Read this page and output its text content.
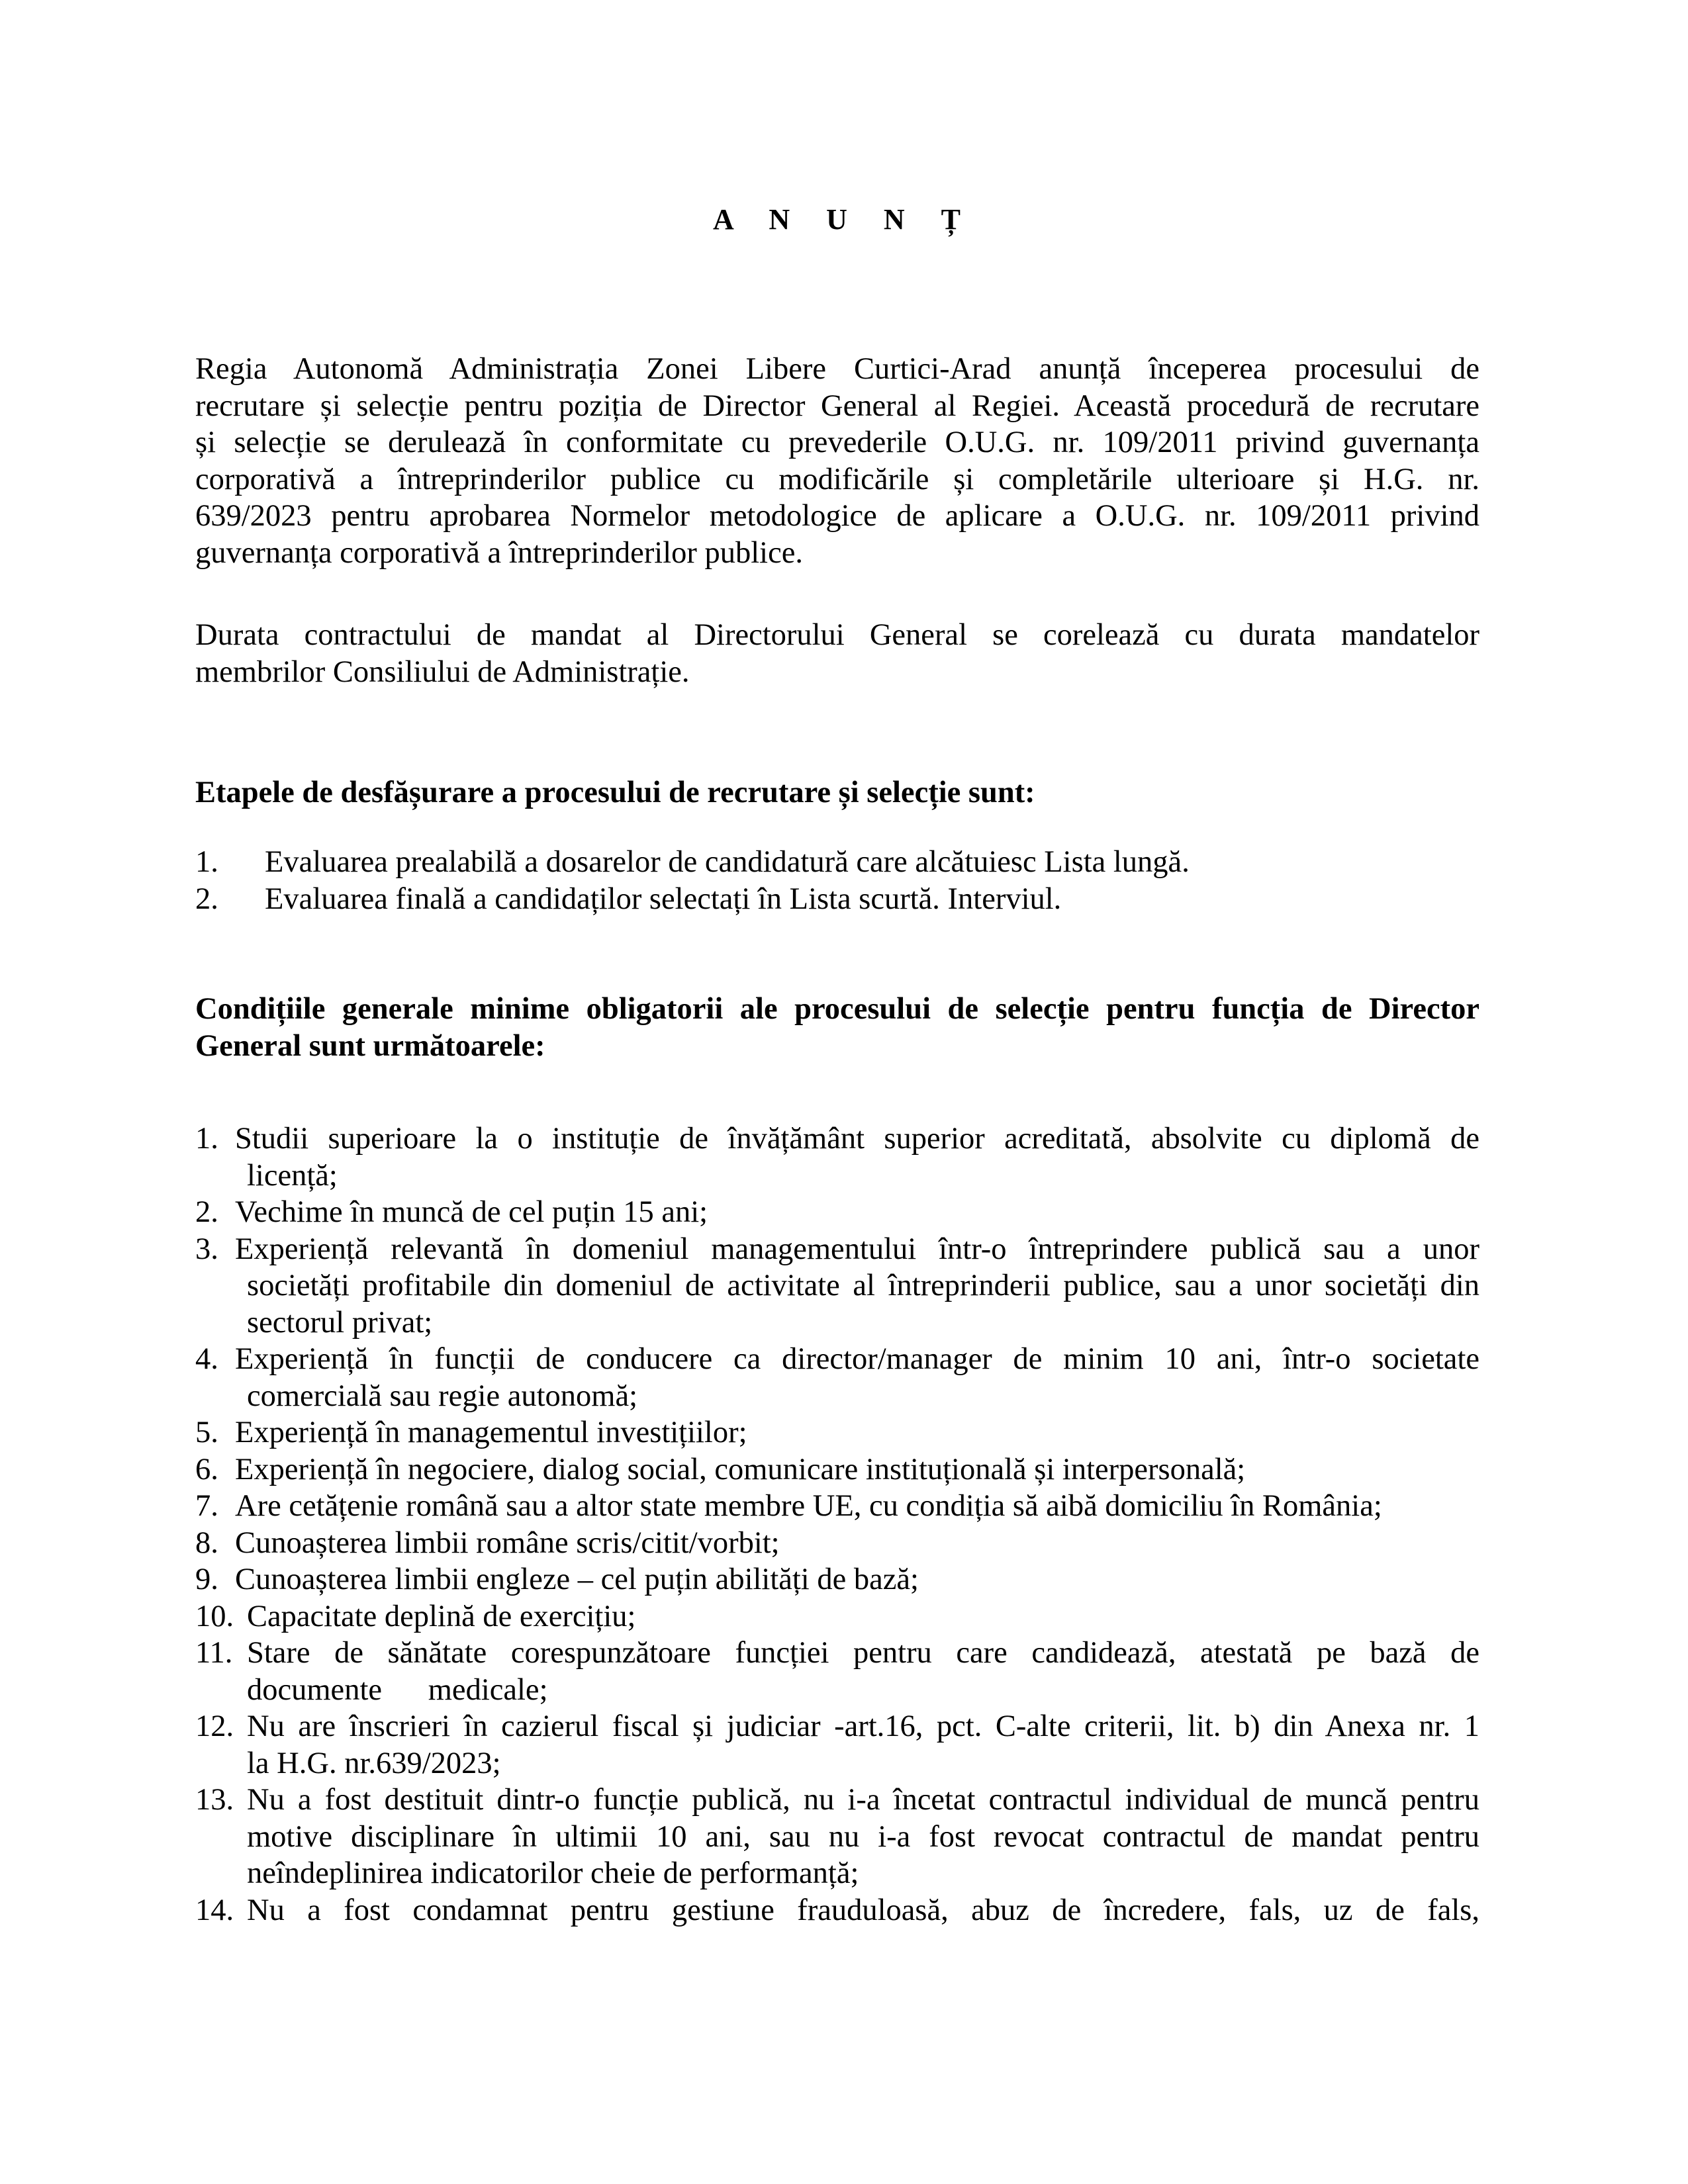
A N U N Ț
Regia Autonomă Administrația Zonei Libere Curtici-Arad anunță începerea procesului de
recrutare și selecție pentru poziția de Director General al Regiei. Această procedură de recrutare
și selecție se derulează în conformitate cu prevederile O.U.G. nr. 109/2011 privind guvernanța
corporativă a întreprinderilor publice cu modificările și completările ulterioare și H.G. nr.
639/2023 pentru aprobarea Normelor metodologice de aplicare a O.U.G. nr. 109/2011 privind
guvernanța corporativă a întreprinderilor publice.
Durata contractului de mandat al Directorului General se corelează cu durata mandatelor
membrilor Consiliului de Administrație.
Etapele de desfășurare a procesului de recrutare și selecție sunt:
1.	Evaluarea prealabilă a dosarelor de candidatură care alcătuiesc Lista lungă.
2.	Evaluarea finală a candidaților selectați în Lista scurtă. Interviul.
Condițiile generale minime obligatorii ale procesului de selecție pentru funcția de Director
General sunt următoarele:
1. Studii superioare la o instituție de învățământ superior acreditată, absolvite cu diplomă de
licență;
2. Vechime în muncă de cel puțin 15 ani;
3. Experiență relevantă în domeniul managementului într-o întreprindere publică sau a unor
societăți profitabile din domeniul de activitate al întreprinderii publice, sau a unor societăți din
sectorul privat;
4. Experiență în funcții de conducere ca director/manager de minim 10 ani, într-o societate
comercială sau regie autonomă;
5. Experiență în managementul investițiilor;
6. Experiență în negociere, dialog social, comunicare instituțională și interpersonală;
7. Are cetățenie română sau a altor state membre UE, cu condiția să aibă domiciliu în România;
8. Cunoașterea limbii române scris/citit/vorbit;
9. Cunoașterea limbii engleze – cel puțin abilități de bază;
10. Capacitate deplină de exercițiu;
11. Stare de sănătate corespunzătoare funcției pentru care candidează, atestată pe bază de
documente      medicale;
12. Nu are înscrieri în cazierul fiscal și judiciar -art.16, pct. C-alte criterii, lit. b) din Anexa nr. 1
la H.G. nr.639/2023;
13. Nu a fost destituit dintr-o funcție publică, nu i-a încetat contractul individual de muncă pentru
motive disciplinare în ultimii 10 ani, sau nu i-a fost revocat contractul de mandat pentru
neîndeplinirea indicatorilor cheie de performanță;
14. Nu a fost condamnat pentru gestiune frauduloasă, abuz de încredere, fals, uz de fals,
